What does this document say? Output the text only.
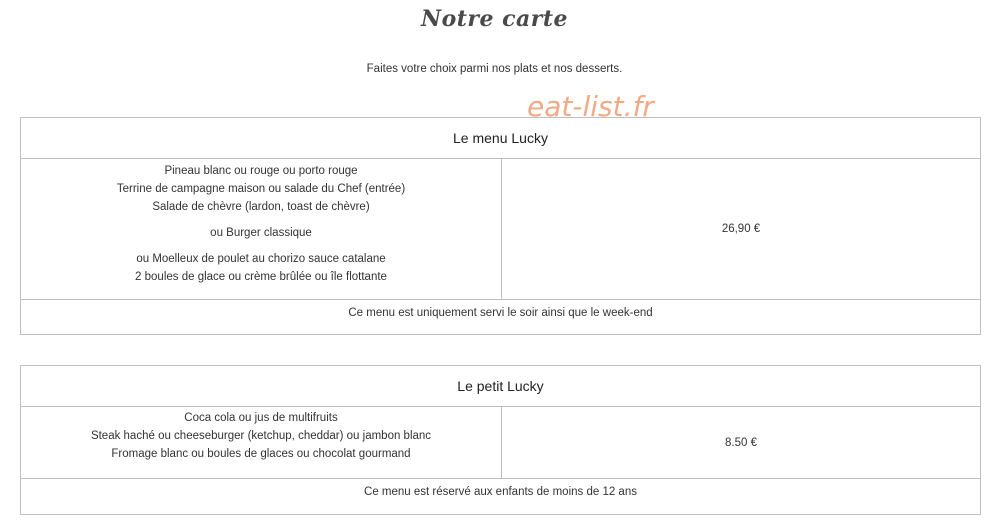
Notre carte
Faites votre choix parmi nos plats et nos desserts.
eat-list.fr
Le menu Lucky
Pineau blanc ou rouge ou porto rouge
Terrine de campagne maison ou salade du Chef (entrée)
Salade de chèvre (lardon, toast de chèvre)
ou Burger classique
ou Moelleux de poulet au chorizo sauce catalane
2 boules de glace ou crème brûlée ou île flottante
26,90 €
Ce menu est uniquement servi le soir ainsi que le week-end
Le petit Lucky
Coca cola ou jus de multifruits
Steak haché ou cheeseburger (ketchup, cheddar) ou jambon blanc
Fromage blanc ou boules de glaces ou chocolat gourmand
8.50 €
Ce menu est réservé aux enfants de moins de 12 ans
